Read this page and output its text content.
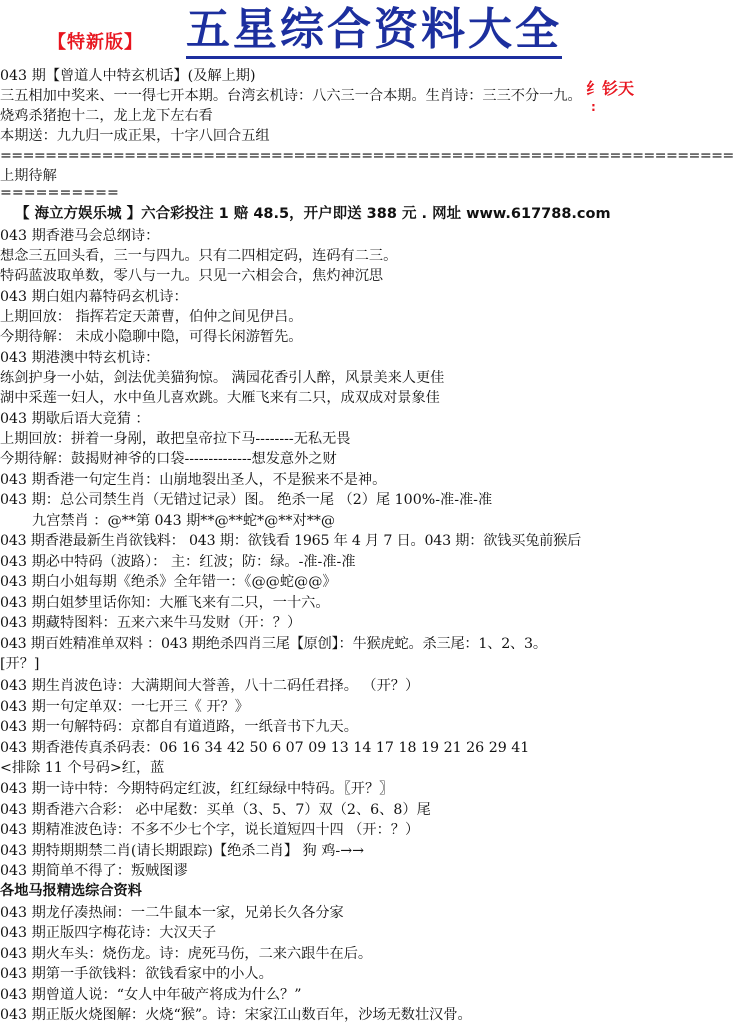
【特新版】 五星综合资料大全
043 期【曾道人中特玄机话】(及解上期)
三五相加中奖来、一一得七开本期。台湾玄机诗：八六三一合本期。生肖诗：三三不分一九。
烧鸡杀猪抱十二，龙上龙下左右看
本期送：九九归一成正果，十字八回合五组
=================================================================
上期待解
==========
【 海立方娱乐城 】六合彩投注 1 赔 48.5，开户即送 388 元 . 网址 www.617788.com
043 期香港马会总纲诗：
想念三五回头看，三一与四九。只有二四相定码，连码有二三。
特码蓝波取单数，零八与一九。只见一六相会合，焦灼神沉思
043 期白姐内幕特码玄机诗：
上期回放： 指挥若定天萧曹，伯仲之间见伊吕。
今期待解： 未成小隐聊中隐，可得长闲游暂先。
043 期港澳中特玄机诗：
练剑护身一小姑，剑法优美猫狗惊。 满园花香引人醉，风景美来人更佳
湖中采莲一妇人，水中鱼儿喜欢跳。大雁飞来有二只，成双成对景象佳
043 期歇后语大竞猜 ：
上期回放：拼着一身剐，敢把皇帝拉下马--------无私无畏
今期待解：鼓揭财神爷的口袋--------------想发意外之财
043 期香港一句定生肖：山崩地裂出圣人，不是猴来不是神。
043 期：总公司禁生肖（无错过记录）图。 绝杀一尾 （2）尾 100%-准-准-准
九宫禁肖 ：@**第 043 期**@**蛇*@**对**@
043 期香港最新生肖欲钱料： 043 期：欲钱看 1965 年 4 月 7 日。043 期：欲钱买兔前猴后
043 期必中特码（波路）： 主：红波；防：绿。-准-准-准
043 期白小姐每期《绝杀》全年错一：《@@蛇@@》
043 期白姐梦里话你知：大雁飞来有二只，一十六。
043 期藏特图料：五来六来牛马发财（开：？）
043 期百姓精准单双料 ：043 期绝杀四肖三尾【原创】：牛猴虎蛇。杀三尾：1、2、3。
[开？]
043 期生肖波色诗：大满期间大誉善，八十二码任君择。 （开？）
043 期一句定单双：一七开三《 开？》
043 期一句解特码：京都自有道逍路，一纸音书下九天。
043 期香港传真杀码表：06 16 34 42 50 6 07 09 13 14 17 18 19 21 26 29 41
<排除 11 个号码>红，蓝
043 期一诗中特：今期特码定红波，红红绿绿中特码。〖开？〗
043 期香港六合彩： 必中尾数：买单（3、5、7）双（2、6、8）尾
043 期精准波色诗：不多不少七个字，说长道短四十四 （开：？）
043 期特期期禁二肖(请长期跟踪)【绝杀二肖】 狗 鸡-→→
043 期简单不得了：叛贼图谬
各地马报精选综合资料
043 期龙仔凑热闹：一二牛鼠本一家，兄弟长久各分家
043 期正版四字梅花诗：大汉天子
043 期火车头：烧伤龙。诗：虎死马伤，二来六跟牛在后。
043 期第一手欲钱料：欲钱看家中的小人。
043 期曾道人说：“女人中年破产将成为什么？”
043 期正版火烧图解：火烧“猴”。诗：宋家江山数百年，沙场无数壮汉骨。
纟钐天
:
